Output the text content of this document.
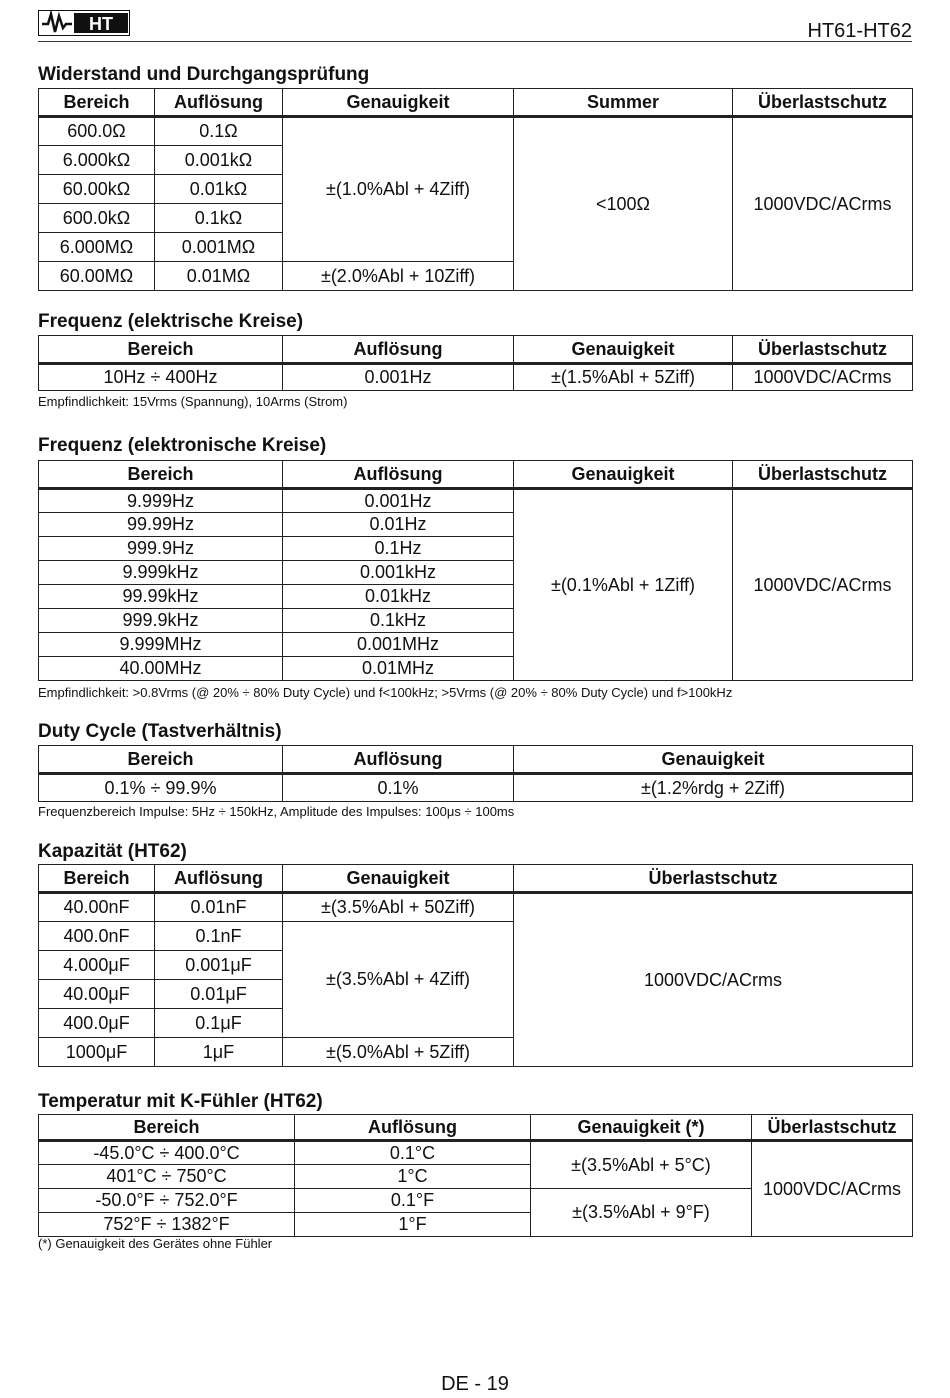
HT	HT61-HT62
Widerstand und Durchgangsprüfung
Bereich	Auflösung	Genauigkeit	Summer	Überlastschutz
600.0Ω	0.1Ω	±(1.0%Abl + 4Ziff)	<100Ω	1000VDC/ACrms
6.000kΩ	0.001kΩ			
60.00kΩ	0.01kΩ			
600.0kΩ	0.1kΩ			
6.000MΩ	0.001MΩ			
60.00MΩ	0.01MΩ	±(2.0%Abl + 10Ziff)		
Frequenz (elektrische Kreise)
Bereich	Auflösung	Genauigkeit	Überlastschutz
10Hz ÷ 400Hz	0.001Hz	±(1.5%Abl + 5Ziff)	1000VDC/ACrms
Empfindlichkeit: 15Vrms (Spannung), 10Arms (Strom)
Frequenz (elektronische Kreise)
Bereich	Auflösung	Genauigkeit	Überlastschutz
9.999Hz	0.001Hz	±(0.1%Abl + 1Ziff)	1000VDC/ACrms
99.99Hz	0.01Hz		
999.9Hz	0.1Hz		
9.999kHz	0.001kHz		
99.99kHz	0.01kHz		
999.9kHz	0.1kHz		
9.999MHz	0.001MHz		
40.00MHz	0.01MHz		
Empfindlichkeit: >0.8Vrms (@ 20% ÷ 80% Duty Cycle) und f<100kHz; >5Vrms (@ 20% ÷ 80% Duty Cycle) und f>100kHz
Duty Cycle (Tastverhältnis)
Bereich	Auflösung	Genauigkeit
0.1% ÷ 99.9%	0.1%	±(1.2%rdg + 2Ziff)
Frequenzbereich Impulse: 5Hz ÷ 150kHz, Amplitude des Impulses: 100μs ÷ 100ms
Kapazität (HT62)
Bereich	Auflösung	Genauigkeit	Überlastschutz
40.00nF	0.01nF	±(3.5%Abl + 50Ziff)	1000VDC/ACrms
400.0nF	0.1nF	±(3.5%Abl + 4Ziff)	
4.000μF	0.001μF		
40.00μF	0.01μF		
400.0μF	0.1μF		
1000μF	1μF	±(5.0%Abl + 5Ziff)	
Temperatur mit K-Fühler (HT62)
Bereich	Auflösung	Genauigkeit (*)	Überlastschutz
-45.0°C ÷ 400.0°C	0.1°C	±(3.5%Abl + 5°C)	1000VDC/ACrms
401°C ÷ 750°C	1°C		
-50.0°F ÷ 752.0°F	0.1°F	±(3.5%Abl + 9°F)	
752°F ÷ 1382°F	1°F		
(*) Genauigkeit des Gerätes ohne Fühler
DE - 19
